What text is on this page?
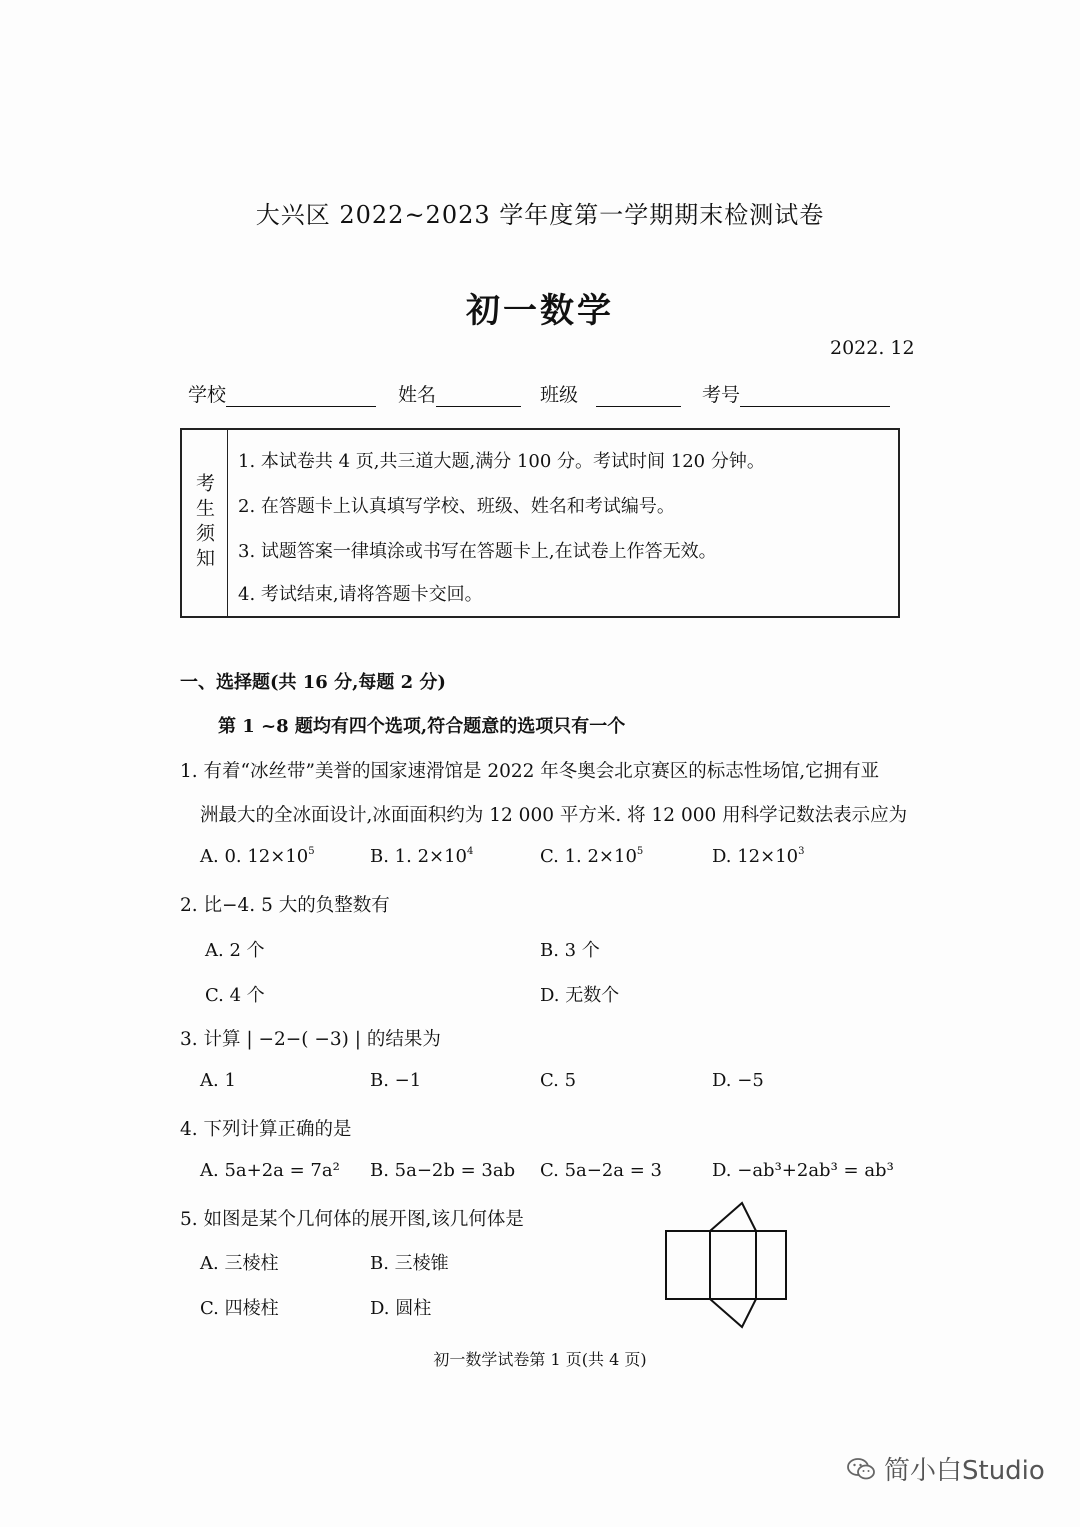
大兴区 2022~2023 学年度第一学期期末检测试卷
初一数学
2022. 12
学校	姓名	班级	考号
考生须知
1. 本试卷共 4 页,共三道大题,满分 100 分。考试时间 120 分钟。
2. 在答题卡上认真填写学校、班级、姓名和考试编号。
3. 试题答案一律填涂或书写在答题卡上,在试卷上作答无效。
4. 考试结束,请将答题卡交回。
一、选择题(共 16 分,每题 2 分)
第 1 ~8 题均有四个选项,符合题意的选项只有一个
1. 有着“冰丝带”美誉的国家速滑馆是 2022 年冬奥会北京赛区的标志性场馆,它拥有亚
洲最大的全冰面设计,冰面面积约为 12 000 平方米. 将 12 000 用科学记数法表示应为
A. 0. $12\times 10^5$	B. 1. $2\times 10^4$	C. 1. $2\times 10^5$	D. $12\times 10^3$
2. 比−4. 5 大的负整数有
A. 2 个	B. 3 个
C. 4 个	D. 无数个
3. 计算 | −2−( −3) | 的结果为
A. 1	B. −1	C. 5	D. −5
4. 下列计算正确的是
A. 5a+2a = 7a² B. 5a−2b = 3ab C. 5a−2a = 3	D. −ab³+2ab³ = ab³
5. 如图是某个几何体的展开图,该几何体是
A. 三棱柱	B. 三棱锥
C. 四棱柱	D. 圆柱
初一数学试卷第 1 页(共 4 页)
简小白Studio
